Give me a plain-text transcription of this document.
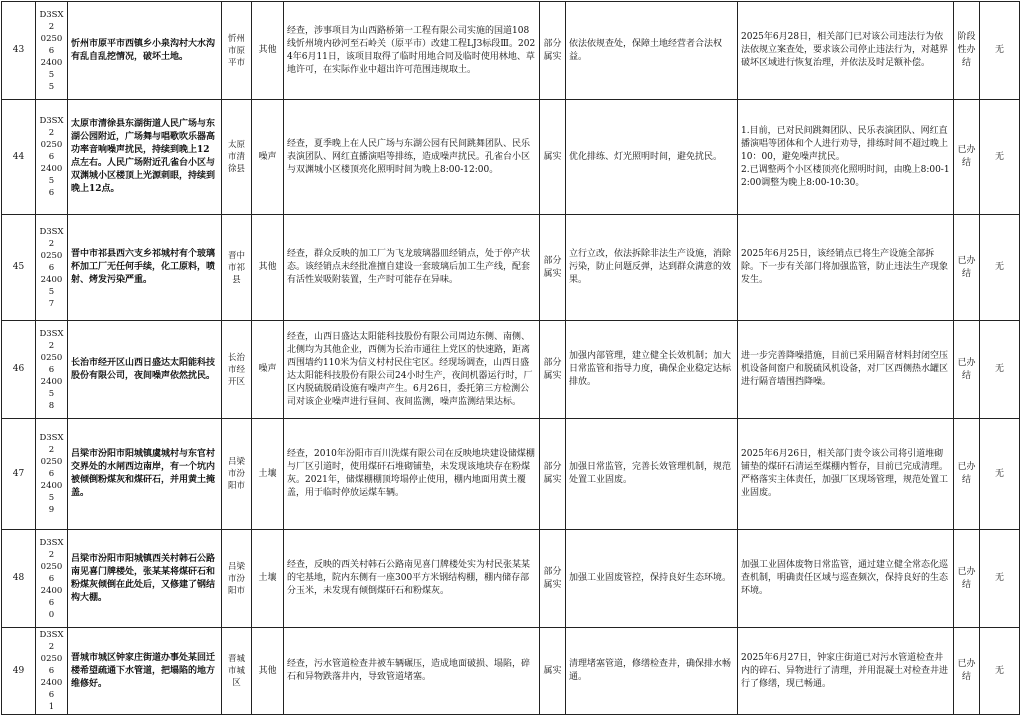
43	D3SX2
02506
24005
5	忻州市原平市西镇乡小泉沟村大水沟有乱自乱挖情况，破坏土地。	忻州
市原
平市	其他	经查，涉事项目为山西路桥第一工程有限公司实施的国道108线忻州境内砂河至石岭关（原平市）改建工程LJ3标段Ⅲ。2024年6月11日，该项目取得了临时用地合同及临时使用林地、草地许可，在实际作业中超出许可范围违规取土。	部分
属实	依法依规查处，保障土地经营者合法权益。	2025年6月28日，相关部门已对该公司违法行为依法依规立案查处，要求该公司停止违法行为，对越界破坏区域进行恢复治理，并依法及时足额补偿。	阶段
性办
结	无
44	D3SX2
02506
24005
6	太原市清徐县东湖街道人民广场与东湖公园附近，广场舞与唱歌吹乐器高功率音响噪声扰民，持续到晚上12点左右。人民广场附近孔雀台小区与双渊城小区楼顶上光源刺眼，持续到晚上12点。	太原
市清
徐县	噪声	经查，夏季晚上在人民广场与东湖公园有民间跳舞团队、民乐表演团队、网红直播演唱等排练，造成噪声扰民。孔雀台小区与双渊城小区楼顶亮化照明时间为晚上8:00-12:00。	属实	优化排练、灯光照明时间，避免扰民。	1.目前，已对民间跳舞团队、民乐表演团队、网红直播演唱等团体和个人进行劝导，排练时间不超过晚上10：00，避免噪声扰民。
2.已调整两个小区楼顶亮化照明时间，由晚上8:00-12:00调整为晚上8:00-10:30。	已办
结	无
45	D3SX2
02506
24005
7	晋中市祁县西六支乡祁城村有个玻璃杯加工厂无任何手续，化工原料，喷射、烤发污染严重。	晋中
市祁
县	其他	经查，群众反映的加工厂为飞龙玻璃器皿经销点，处于停产状态。该经销点未经批准擅自建设一套玻璃后加工生产线，配套有活性炭吸附装置，生产时可能存在异味。	部分
属实	立行立改，依法拆除非法生产设施，消除污染，防止问题反弹，达到群众满意的效果。	2025年6月25日，该经销点已将生产设施全部拆除。下一步有关部门将加强监管，防止违法生产现象发生。	已办
结	无
46	D3SX2
02506
24005
8	长治市经开区山西日盛达太阳能科技股份有限公司，夜间噪声依然扰民。	长治
市经
开区	噪声	经查，山西日盛达太阳能科技股份有限公司周边东侧、南侧、北侧均为其他企业，西侧为长治市通往上党区的快速路，距离西围墙约110米为信义村村民住宅区。经现场调查，山西日盛达太阳能科技股份有限公司24小时生产，夜间机器运行时，厂区内脱硫脱硝设施有噪声产生。6月26日，委托第三方检测公司对该企业噪声进行昼间、夜间监测，噪声监测结果达标。	部分
属实	加强内部管理，建立健全长效机制；加大日常监管和指导力度，确保企业稳定达标排放。	进一步完善降噪措施，目前已采用隔音材料封闭空压机设备间窗户和脱硫风机设备，对厂区西侧热水罐区进行隔音墙围挡降噪。	已办
结	无
47	D3SX2
02506
24005
9	吕梁市汾阳市阳城镇虞城村与东官村交界处的水闸西边南岸，有一个坑内被倾倒粉煤灰和煤矸石，并用黄土掩盖。	吕梁
市汾
阳市	土壤	经查，2010年汾阳市百川洗煤有限公司在反映地块建设储煤棚与厂区引道时，使用煤矸石堆砌铺垫，未发现该地块存在粉煤灰。2021年，储煤棚棚顶垮塌停止使用，棚内地面用黄土覆盖，用于临时停放运煤车辆。	部分
属实	加强日常监管，完善长效管理机制，规范处置工业固废。	2025年6月26日，相关部门责令该公司将引道堆砌铺垫的煤矸石清运至煤棚内暂存，目前已完成清理。严格落实主体责任，加强厂区现场管理，规范处置工业固废。	已办
结	无
48	D3SX2
02506
24006
0	吕梁市汾阳市阳城镇西关村韩石公路南见喜门牌楼处，张某某将煤矸石和粉煤灰倾倒在此处后，又修建了钢结构大棚。	吕梁
市汾
阳市	土壤	经查，反映的西关村韩石公路南见喜门牌楼处实为村民张某某的宅基地，院内东侧有一座300平方米钢结构棚，棚内储存部分玉米，未发现有倾倒煤矸石和粉煤灰。	部分
属实	加强工业固废管控，保持良好生态环境。	加强工业固体废物日常监管，通过建立健全常态化巡查机制，明确责任区域与巡查频次，保持良好的生态环境。	已办
结	无
49	D3SX2
02506
24006
1	晋城市城区钟家庄街道办事处某回迁楼希望疏通下水管道，把塌陷的地方维修好。	晋城
市城
区	其他	经查，污水管道检查井被车辆碾压，造成地面破损、塌陷，碎石和异物跌落井内，导致管道堵塞。	属实	清理堵塞管道，修缮检查井，确保排水畅通。	2025年6月27日，钟家庄街道已对污水管道检查井内的碎石、异物进行了清理，并用混凝土对检查井进行了修缮，现已畅通。	已办
结	无
